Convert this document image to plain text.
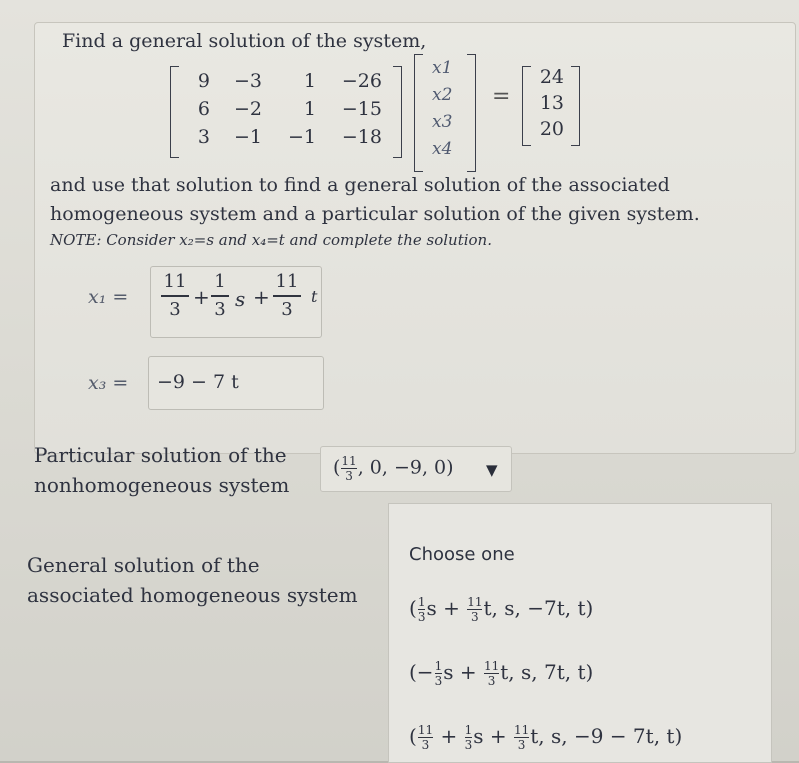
Find a general solution of the system,
9	−3	1	−26
6	−2	1	−15
3	−1	−1	−18
x1
x2
x3
x4
=
24
13
20
and use that solution to find a general solution of the associated
homogeneous system and a particular solution of the given system.
NOTE: Consider x₂=s and x₄=t and complete the solution.
x₁ =
11
3 +
1
3 s +
11
3
t
x₃ = −9 − 7 t
Particular solution of the
nonhomogeneous system
($\frac{11}{3}$, 0, −9, 0) ▼
General solution of the
associated homogeneous system
Choose one
($\frac{1}{3}s + \frac{11}{3}t$, s, −7t, t)
($-\frac{1}{3}s + \frac{11}{3}t$, s, 7t, t)
($\frac{11}{3} + \frac{1}{3}s + \frac{11}{3}t$, s, −9 − 7t, t)
